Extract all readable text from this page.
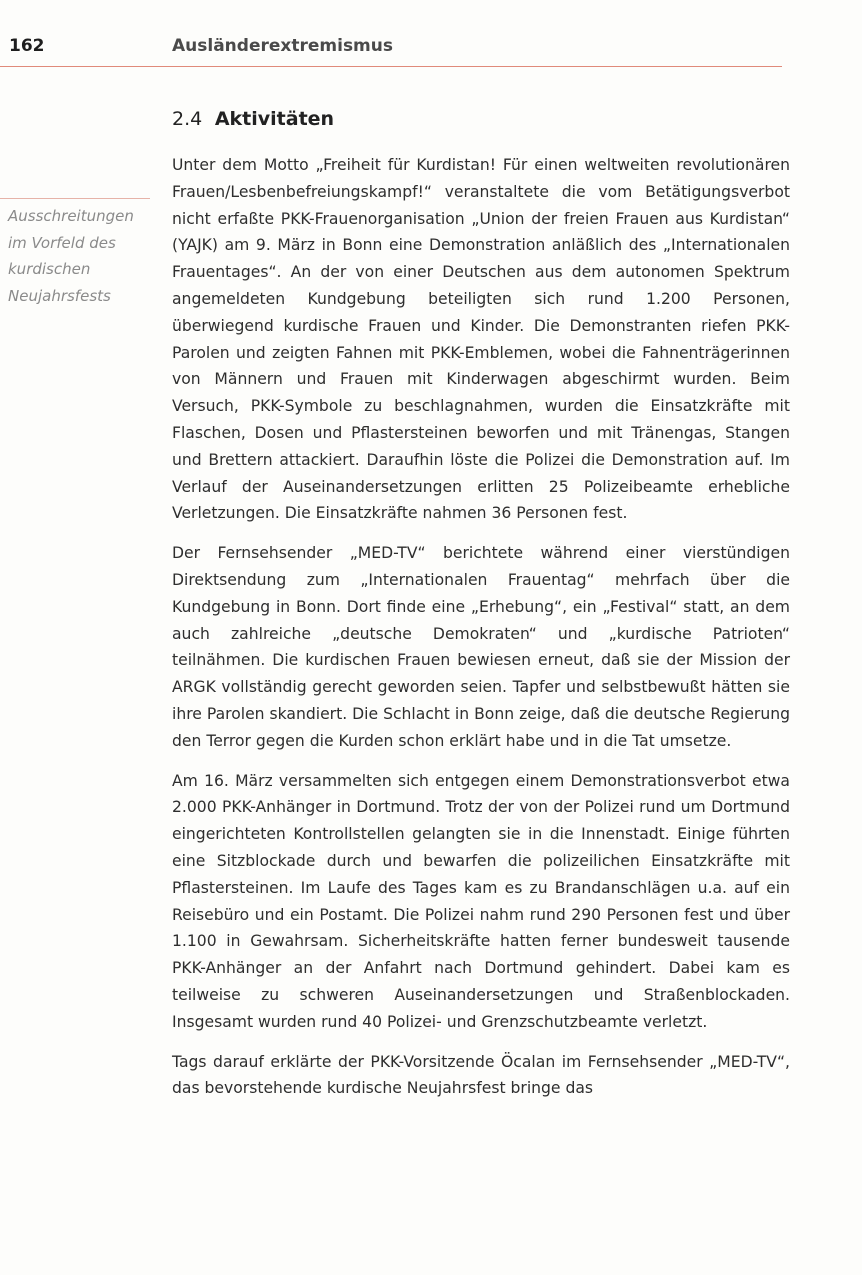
162	Ausländerextremismus
Ausschreitungen im Vorfeld des kurdischen Neujahrsfests
2.4 Aktivitäten

Unter dem Motto „Freiheit für Kurdistan! Für einen weltweiten revolutionären Frauen/Lesbenbefreiungskampf!“ veranstaltete die vom Betätigungsverbot nicht erfaßte PKK-Frauenorganisation „Union der freien Frauen aus Kurdistan“ (YAJK) am 9. März in Bonn eine Demonstration anläßlich des „Internationalen Frauentages“. An der von einer Deutschen aus dem autonomen Spektrum angemeldeten Kundgebung beteiligten sich rund 1.200 Personen, überwiegend kurdische Frauen und Kinder. Die Demonstranten riefen PKK-Parolen und zeigten Fahnen mit PKK-Emblemen, wobei die Fahnenträgerinnen von Männern und Frauen mit Kinderwagen abgeschirmt wurden. Beim Versuch, PKK-Symbole zu beschlagnahmen, wurden die Einsatzkräfte mit Flaschen, Dosen und Pflastersteinen beworfen und mit Tränengas, Stangen und Brettern attackiert. Daraufhin löste die Polizei die Demonstration auf. Im Verlauf der Auseinandersetzungen erlitten 25 Polizeibeamte erhebliche Verletzungen. Die Einsatzkräfte nahmen 36 Personen fest.

Der Fernsehsender „MED-TV“ berichtete während einer vierstündigen Direktsendung zum „Internationalen Frauentag“ mehrfach über die Kundgebung in Bonn. Dort finde eine „Erhebung“, ein „Festival“ statt, an dem auch zahlreiche „deutsche Demokraten“ und „kurdische Patrioten“ teilnähmen. Die kurdischen Frauen bewiesen erneut, daß sie der Mission der ARGK vollständig gerecht geworden seien. Tapfer und selbstbewußt hätten sie ihre Parolen skandiert. Die Schlacht in Bonn zeige, daß die deutsche Regierung den Terror gegen die Kurden schon erklärt habe und in die Tat umsetze.

Am 16. März versammelten sich entgegen einem Demonstrationsverbot etwa 2.000 PKK-Anhänger in Dortmund. Trotz der von der Polizei rund um Dortmund eingerichteten Kontrollstellen gelangten sie in die Innenstadt. Einige führten eine Sitzblockade durch und bewarfen die polizeilichen Einsatzkräfte mit Pflastersteinen. Im Laufe des Tages kam es zu Brandanschlägen u.a. auf ein Reisebüro und ein Postamt. Die Polizei nahm rund 290 Personen fest und über 1.100 in Gewahrsam. Sicherheitskräfte hatten ferner bundesweit tausende PKK-Anhänger an der Anfahrt nach Dortmund gehindert. Dabei kam es teilweise zu schweren Auseinandersetzungen und Straßenblockaden. Insgesamt wurden rund 40 Polizei- und Grenzschutzbeamte verletzt.

Tags darauf erklärte der PKK-Vorsitzende Öcalan im Fernsehsender „MED-TV“, das bevorstehende kurdische Neujahrsfest bringe das
